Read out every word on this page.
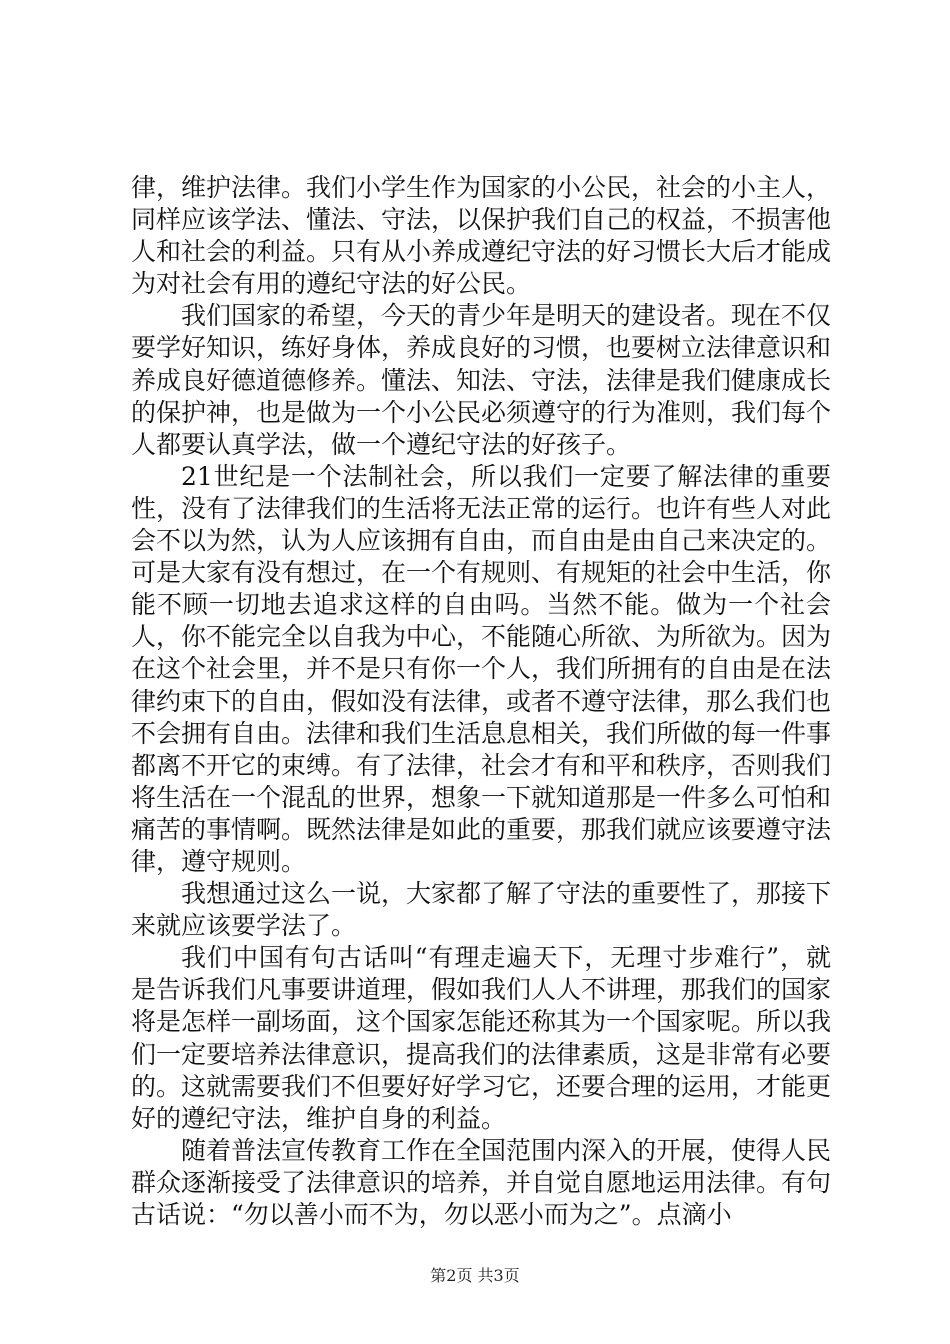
律，维护法律。我们小学生作为国家的小公民，社会的小主人，同样应该学法、懂法、守法，以保护我们自己的权益，不损害他人和社会的利益。只有从小养成遵纪守法的好习惯长大后才能成为对社会有用的遵纪守法的好公民。

我们国家的希望，今天的青少年是明天的建设者。现在不仅要学好知识，练好身体，养成良好的习惯，也要树立法律意识和养成良好德道德修养。懂法、知法、守法，法律是我们健康成长的保护神，也是做为一个小公民必须遵守的行为准则，我们每个人都要认真学法，做一个遵纪守法的好孩子。

21世纪是一个法制社会，所以我们一定要了解法律的重要性，没有了法律我们的生活将无法正常的运行。也许有些人对此会不以为然，认为人应该拥有自由，而自由是由自己来决定的。可是大家有没有想过，在一个有规则、有规矩的社会中生活，你能不顾一切地去追求这样的自由吗。当然不能。做为一个社会人，你不能完全以自我为中心，不能随心所欲、为所欲为。因为在这个社会里，并不是只有你一个人，我们所拥有的自由是在法律约束下的自由，假如没有法律，或者不遵守法律，那么我们也不会拥有自由。法律和我们生活息息相关，我们所做的每一件事都离不开它的束缚。有了法律，社会才有和平和秩序，否则我们将生活在一个混乱的世界，想象一下就知道那是一件多么可怕和痛苦的事情啊。既然法律是如此的重要，那我们就应该要遵守法律，遵守规则。

我想通过这么一说，大家都了解了守法的重要性了，那接下来就应该要学法了。

我们中国有句古话叫“有理走遍天下，无理寸步难行”，就是告诉我们凡事要讲道理，假如我们人人不讲理，那我们的国家将是怎样一副场面，这个国家怎能还称其为一个国家呢。所以我们一定要培养法律意识，提高我们的法律素质，这是非常有必要的。这就需要我们不但要好好学习它，还要合理的运用，才能更好的遵纪守法，维护自身的利益。

随着普法宣传教育工作在全国范围内深入的开展，使得人民群众逐渐接受了法律意识的培养，并自觉自愿地运用法律。有句古话说：“勿以善小而不为，勿以恶小而为之”。点滴小

第2页 共3页
